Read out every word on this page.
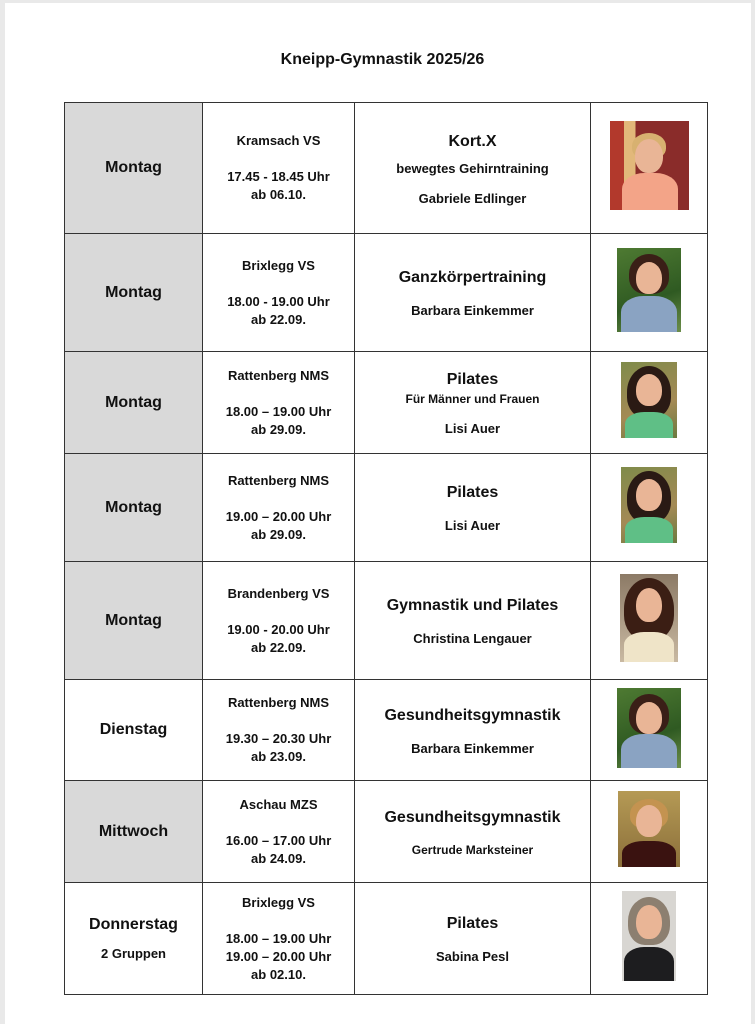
Kneipp-Gymnastik 2025/26
Montag	Kramsach VS
17.45 - 18.45 Uhr
ab 06.10.	Kort.X
bewegtes Gehirntraining
Gabriele Edlinger	

Montag	Brixlegg VS
18.00 - 19.00 Uhr
ab 22.09.	Ganzkörpertraining
Barbara Einkemmer	

Montag	Rattenberg NMS
18.00 – 19.00 Uhr
ab 29.09.	Pilates
Für Männer und Frauen
Lisi Auer	

Montag	Rattenberg NMS
19.00 – 20.00 Uhr
ab 29.09.	Pilates
Lisi Auer	

Montag	Brandenberg VS
19.00 - 20.00 Uhr
ab 22.09.	Gymnastik und Pilates
Christina Lengauer	

Dienstag	Rattenberg NMS
19.30 – 20.30 Uhr
ab 23.09.	Gesundheitsgymnastik
Barbara Einkemmer	

Mittwoch	Aschau MZS
16.00 – 17.00 Uhr
ab 24.09.	Gesundheitsgymnastik
Gertrude Marksteiner	

Donnerstag
2 Gruppen	Brixlegg VS
18.00 – 19.00 Uhr
19.00 – 20.00 Uhr
ab 02.10.	Pilates
Sabina Pesl	
